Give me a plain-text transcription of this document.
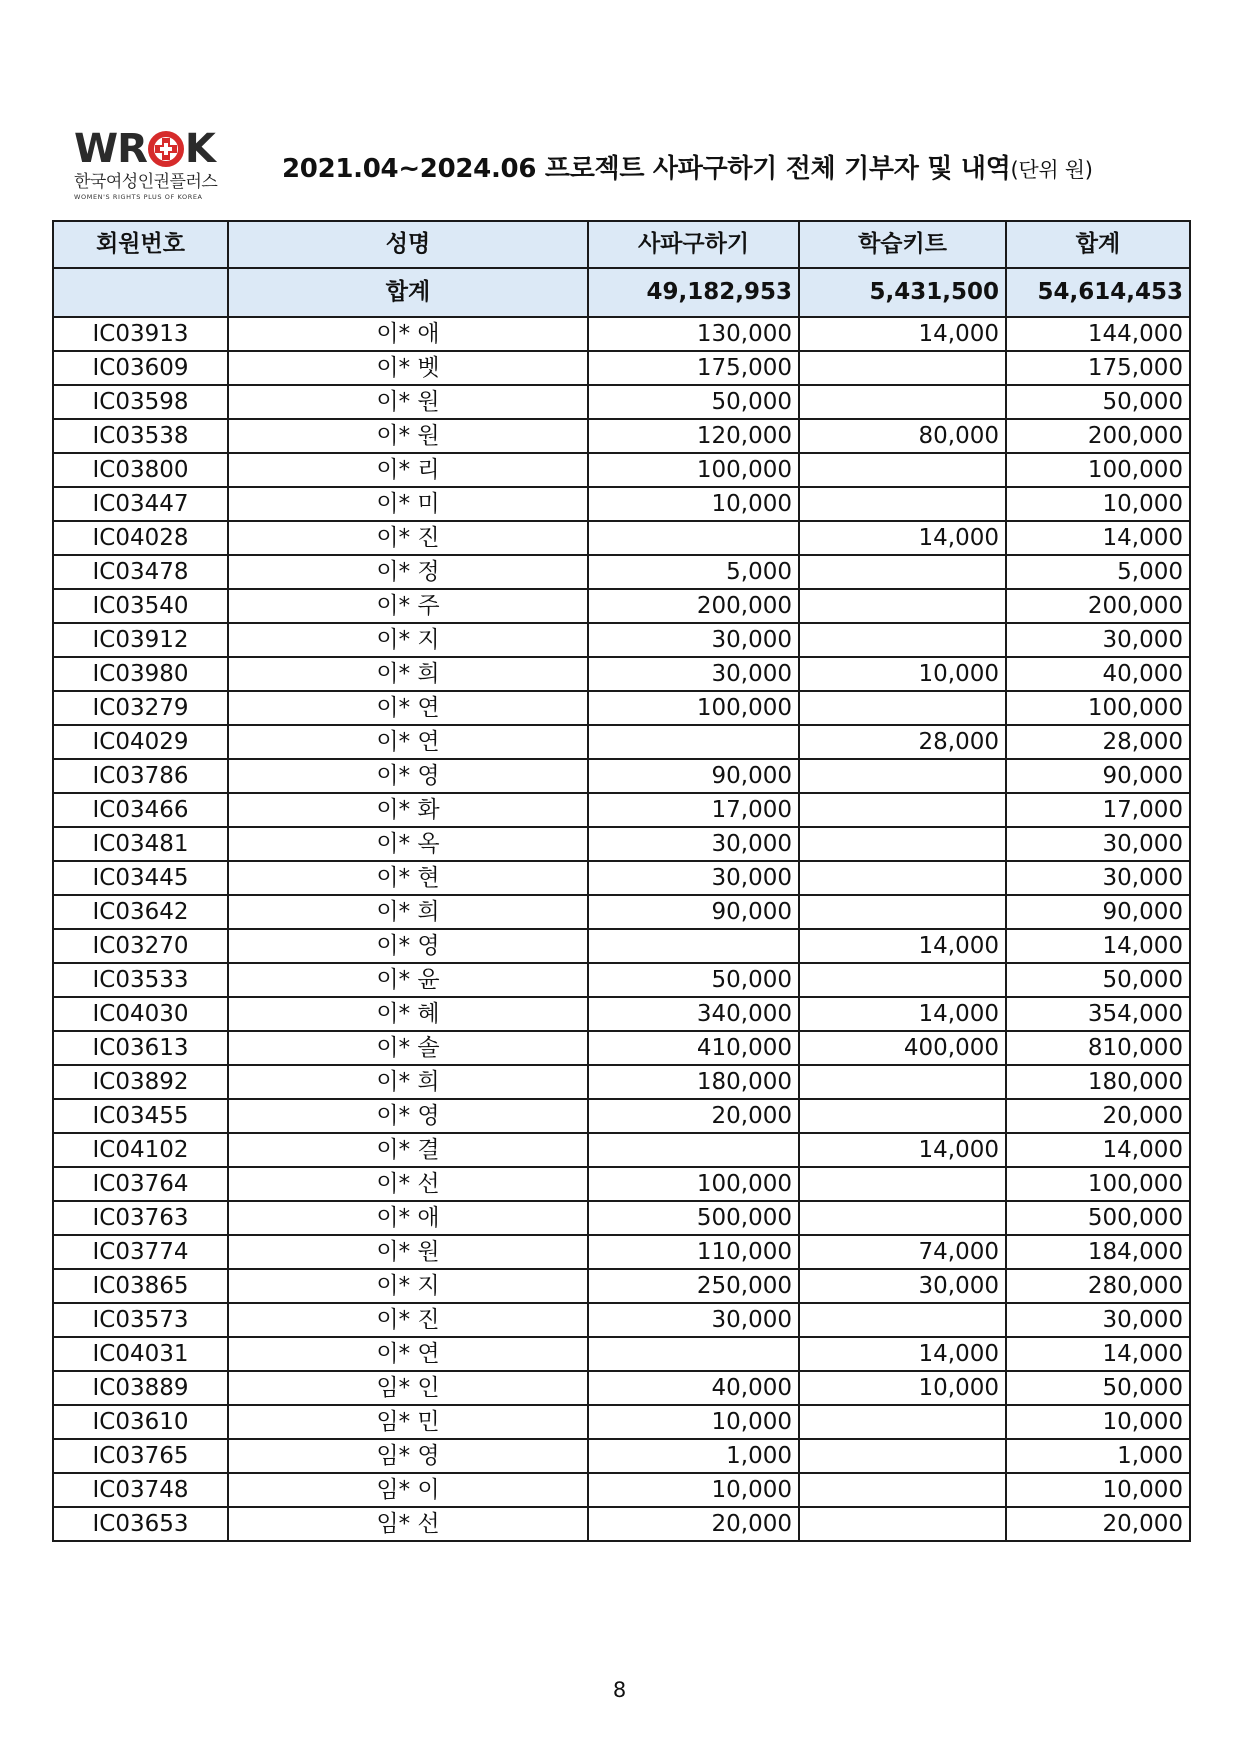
WR K
한국여성인권플러스
WOMEN'S RIGHTS PLUS OF KOREA
2021.04~2024.06 프로젝트 사파구하기 전체 기부자 및 내역(단위 원)
회원번호	성명	사파구하기	학습키트	합계
	합계	49,182,953	5,431,500	54,614,453
IC03913	이* 애	130,000	14,000	144,000
IC03609	이* 벳	175,000		175,000
IC03598	이* 원	50,000		50,000
IC03538	이* 원	120,000	80,000	200,000
IC03800	이* 리	100,000		100,000
IC03447	이* 미	10,000		10,000
IC04028	이* 진		14,000	14,000
IC03478	이* 정	5,000		5,000
IC03540	이* 주	200,000		200,000
IC03912	이* 지	30,000		30,000
IC03980	이* 희	30,000	10,000	40,000
IC03279	이* 연	100,000		100,000
IC04029	이* 연		28,000	28,000
IC03786	이* 영	90,000		90,000
IC03466	이* 화	17,000		17,000
IC03481	이* 옥	30,000		30,000
IC03445	이* 현	30,000		30,000
IC03642	이* 희	90,000		90,000
IC03270	이* 영		14,000	14,000
IC03533	이* 윤	50,000		50,000
IC04030	이* 혜	340,000	14,000	354,000
IC03613	이* 솔	410,000	400,000	810,000
IC03892	이* 희	180,000		180,000
IC03455	이* 영	20,000		20,000
IC04102	이* 결		14,000	14,000
IC03764	이* 선	100,000		100,000
IC03763	이* 애	500,000		500,000
IC03774	이* 원	110,000	74,000	184,000
IC03865	이* 지	250,000	30,000	280,000
IC03573	이* 진	30,000		30,000
IC04031	이* 연		14,000	14,000
IC03889	임* 인	40,000	10,000	50,000
IC03610	임* 민	10,000		10,000
IC03765	임* 영	1,000		1,000
IC03748	임* 이	10,000		10,000
IC03653	임* 선	20,000		20,000
8
